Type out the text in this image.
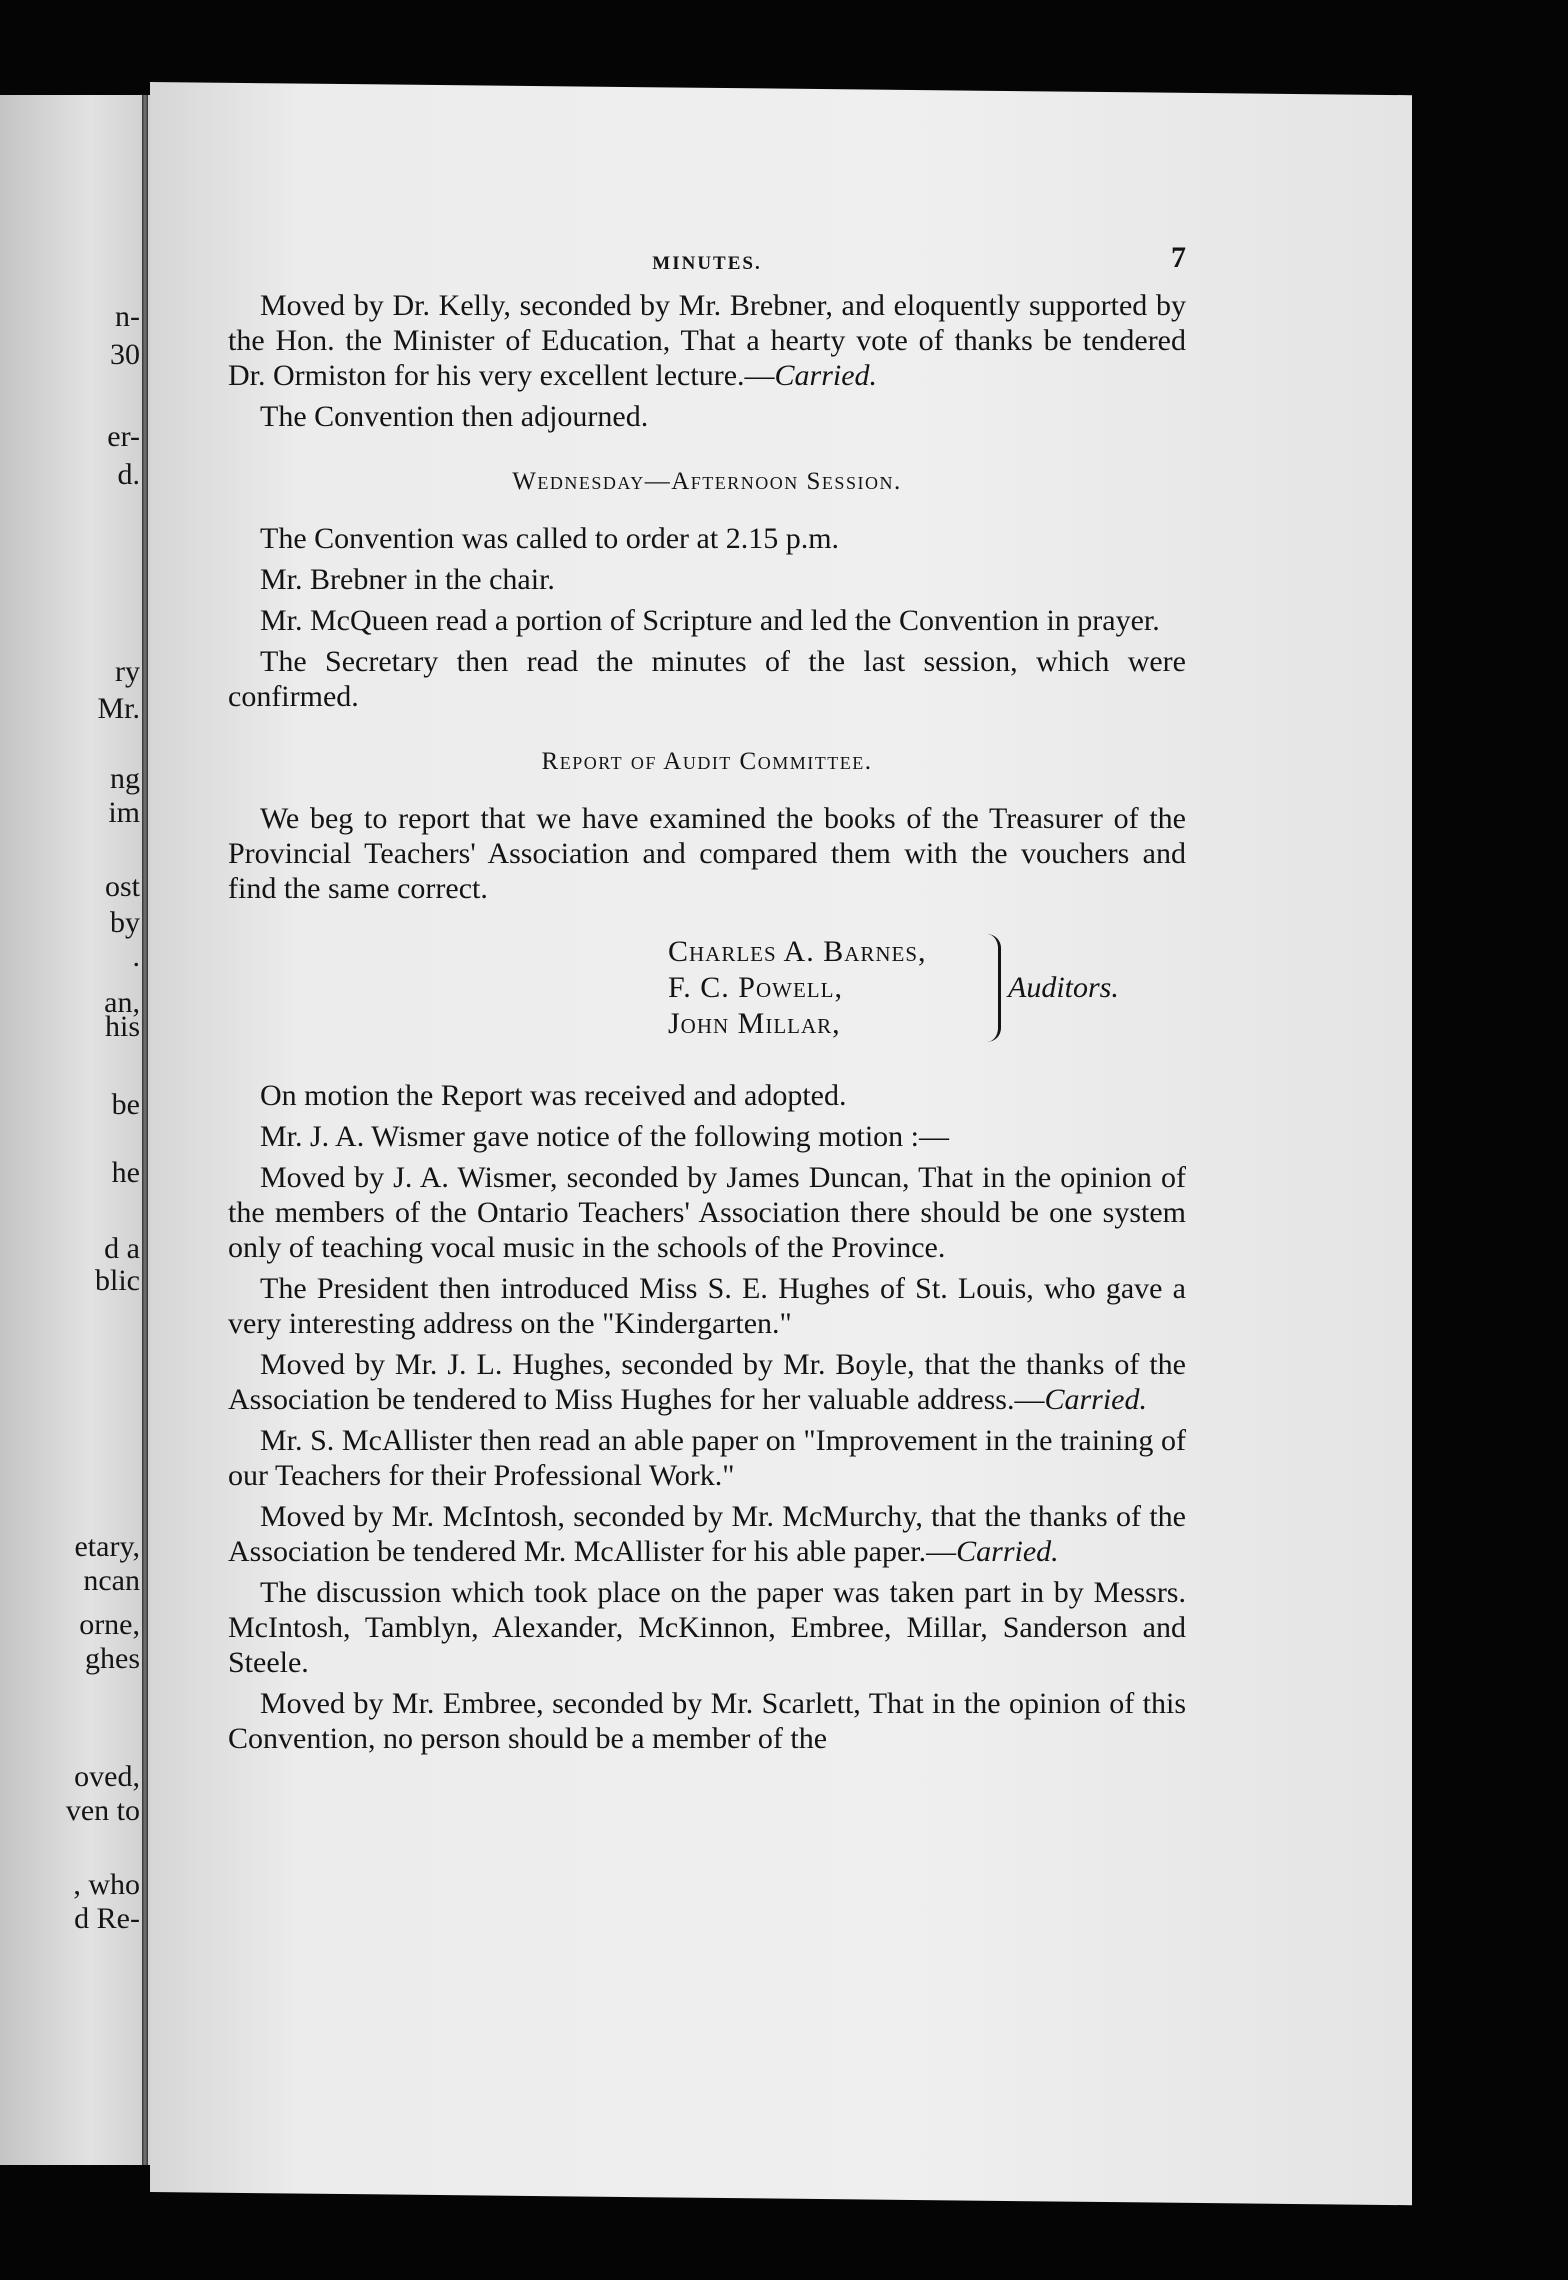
n-
30
er-
d.
ry
Mr.
ng
im
ost
by
.
an,
his
be
he
d a
blic
etary,
ncan
orne,
ghes
oved,
ven to
, who
d Re-
MINUTES.	7

Moved by Dr. Kelly, seconded by Mr. Brebner, and eloquently supported by the Hon. the Minister of Education, That a hearty vote of thanks be tendered Dr. Ormiston for his very excellent lecture.—Carried.

The Convention then adjourned.

Wednesday—Afternoon Session.

The Convention was called to order at 2.15 p.m.

Mr. Brebner in the chair.

Mr. McQueen read a portion of Scripture and led the Convention in prayer.

The Secretary then read the minutes of the last session, which were confirmed.

Report of Audit Committee.

We beg to report that we have examined the books of the Treasurer of the Provincial Teachers' Association and compared them with the vouchers and find the same correct.

Charles A. Barnes,
F. C. Powell,
John Millar,
Auditors.

On motion the Report was received and adopted.

Mr. J. A. Wismer gave notice of the following motion :—

Moved by J. A. Wismer, seconded by James Duncan, That in the opinion of the members of the Ontario Teachers' Association there should be one system only of teaching vocal music in the schools of the Province.

The President then introduced Miss S. E. Hughes of St. Louis, who gave a very interesting address on the "Kindergarten."

Moved by Mr. J. L. Hughes, seconded by Mr. Boyle, that the thanks of the Association be tendered to Miss Hughes for her valuable address.—Carried.

Mr. S. McAllister then read an able paper on "Improvement in the training of our Teachers for their Professional Work."

Moved by Mr. McIntosh, seconded by Mr. McMurchy, that the thanks of the Association be tendered Mr. McAllister for his able paper.—Carried.

The discussion which took place on the paper was taken part in by Messrs. McIntosh, Tamblyn, Alexander, McKinnon, Embree, Millar, Sanderson and Steele.

Moved by Mr. Embree, seconded by Mr. Scarlett, That in the opinion of this Convention, no person should be a member of the
